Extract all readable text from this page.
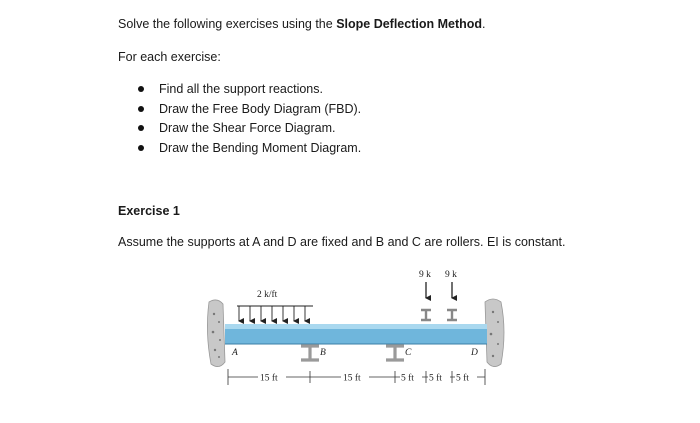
Solve the following exercises using the Slope Deflection Method.
For each exercise:
Find all the support reactions.
Draw the Free Body Diagram (FBD).
Draw the Shear Force Diagram.
Draw the Bending Moment Diagram.
Exercise 1
Assume the supports at A and D are fixed and B and C are rollers. EI is constant.
2 k/ft
9 k 9 k
A	B	C	D
15 ft	15 ft	5 ft 5 ft 5 ft
